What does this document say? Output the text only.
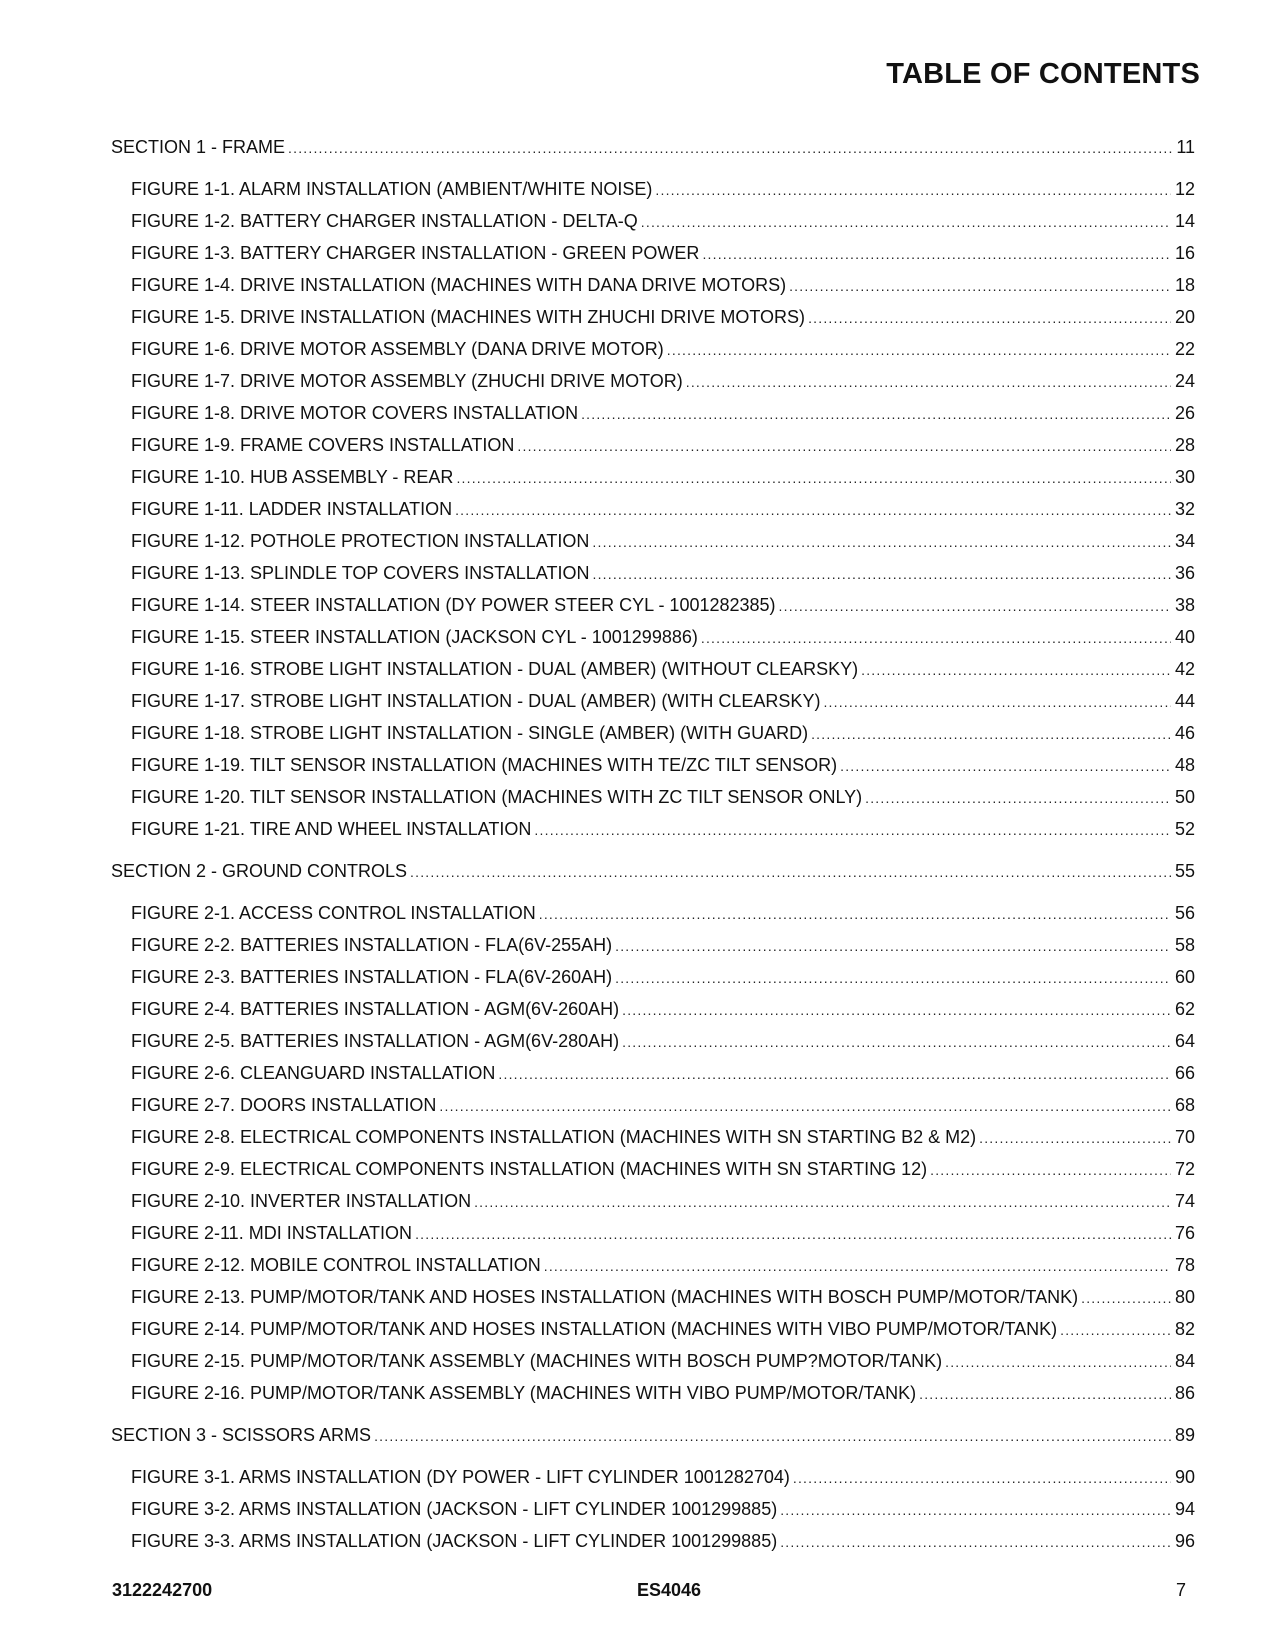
TABLE OF CONTENTS
SECTION 1 - FRAME .....	11
FIGURE 1-1. ALARM INSTALLATION (AMBIENT/WHITE NOISE) .....	12
FIGURE 1-2. BATTERY CHARGER INSTALLATION - DELTA-Q .....	14
FIGURE 1-3. BATTERY CHARGER INSTALLATION - GREEN POWER .....	16
FIGURE 1-4. DRIVE INSTALLATION (MACHINES WITH DANA DRIVE MOTORS) .....	18
FIGURE 1-5. DRIVE INSTALLATION (MACHINES WITH ZHUCHI DRIVE MOTORS) .....	20
FIGURE 1-6. DRIVE MOTOR ASSEMBLY (DANA DRIVE MOTOR) .....	22
FIGURE 1-7. DRIVE MOTOR ASSEMBLY (ZHUCHI DRIVE MOTOR) .....	24
FIGURE 1-8. DRIVE MOTOR COVERS INSTALLATION .....	26
FIGURE 1-9. FRAME COVERS INSTALLATION .....	28
FIGURE 1-10. HUB ASSEMBLY - REAR .....	30
FIGURE 1-11. LADDER INSTALLATION .....	32
FIGURE 1-12. POTHOLE PROTECTION INSTALLATION .....	34
FIGURE 1-13. SPLINDLE TOP COVERS INSTALLATION .....	36
FIGURE 1-14. STEER INSTALLATION (DY POWER STEER CYL - 1001282385) .....	38
FIGURE 1-15. STEER INSTALLATION (JACKSON CYL - 1001299886) .....	40
FIGURE 1-16. STROBE LIGHT INSTALLATION - DUAL (AMBER) (WITHOUT CLEARSKY) .....	42
FIGURE 1-17. STROBE LIGHT INSTALLATION - DUAL (AMBER) (WITH CLEARSKY) .....	44
FIGURE 1-18. STROBE LIGHT INSTALLATION - SINGLE (AMBER) (WITH GUARD) .....	46
FIGURE 1-19. TILT SENSOR INSTALLATION (MACHINES WITH TE/ZC TILT SENSOR) .....	48
FIGURE 1-20. TILT SENSOR INSTALLATION (MACHINES WITH ZC TILT SENSOR ONLY) .....	50
FIGURE 1-21. TIRE AND WHEEL INSTALLATION .....	52
SECTION 2 - GROUND CONTROLS .....	55
FIGURE 2-1. ACCESS CONTROL INSTALLATION .....	56
FIGURE 2-2. BATTERIES INSTALLATION - FLA(6V-255AH) .....	58
FIGURE 2-3. BATTERIES INSTALLATION - FLA(6V-260AH) .....	60
FIGURE 2-4. BATTERIES INSTALLATION - AGM(6V-260AH) .....	62
FIGURE 2-5. BATTERIES INSTALLATION - AGM(6V-280AH) .....	64
FIGURE 2-6. CLEANGUARD INSTALLATION .....	66
FIGURE 2-7. DOORS INSTALLATION .....	68
FIGURE 2-8. ELECTRICAL COMPONENTS INSTALLATION (MACHINES WITH SN STARTING B2 & M2) .....	70
FIGURE 2-9. ELECTRICAL COMPONENTS INSTALLATION (MACHINES WITH SN STARTING 12) .....	72
FIGURE 2-10. INVERTER INSTALLATION .....	74
FIGURE 2-11. MDI INSTALLATION .....	76
FIGURE 2-12. MOBILE CONTROL INSTALLATION .....	78
FIGURE 2-13. PUMP/MOTOR/TANK AND HOSES INSTALLATION (MACHINES WITH BOSCH PUMP/MOTOR/TANK) .....	80
FIGURE 2-14. PUMP/MOTOR/TANK AND HOSES INSTALLATION (MACHINES WITH VIBO PUMP/MOTOR/TANK) .....	82
FIGURE 2-15. PUMP/MOTOR/TANK ASSEMBLY (MACHINES WITH BOSCH PUMP?MOTOR/TANK) .....	84
FIGURE 2-16. PUMP/MOTOR/TANK ASSEMBLY (MACHINES WITH VIBO PUMP/MOTOR/TANK) .....	86
SECTION 3 - SCISSORS ARMS .....	89
FIGURE 3-1. ARMS INSTALLATION (DY POWER - LIFT CYLINDER 1001282704) .....	90
FIGURE 3-2. ARMS INSTALLATION (JACKSON - LIFT CYLINDER 1001299885) .....	94
FIGURE 3-3. ARMS INSTALLATION (JACKSON - LIFT CYLINDER 1001299885) .....	96
3122242700	ES4046	7
